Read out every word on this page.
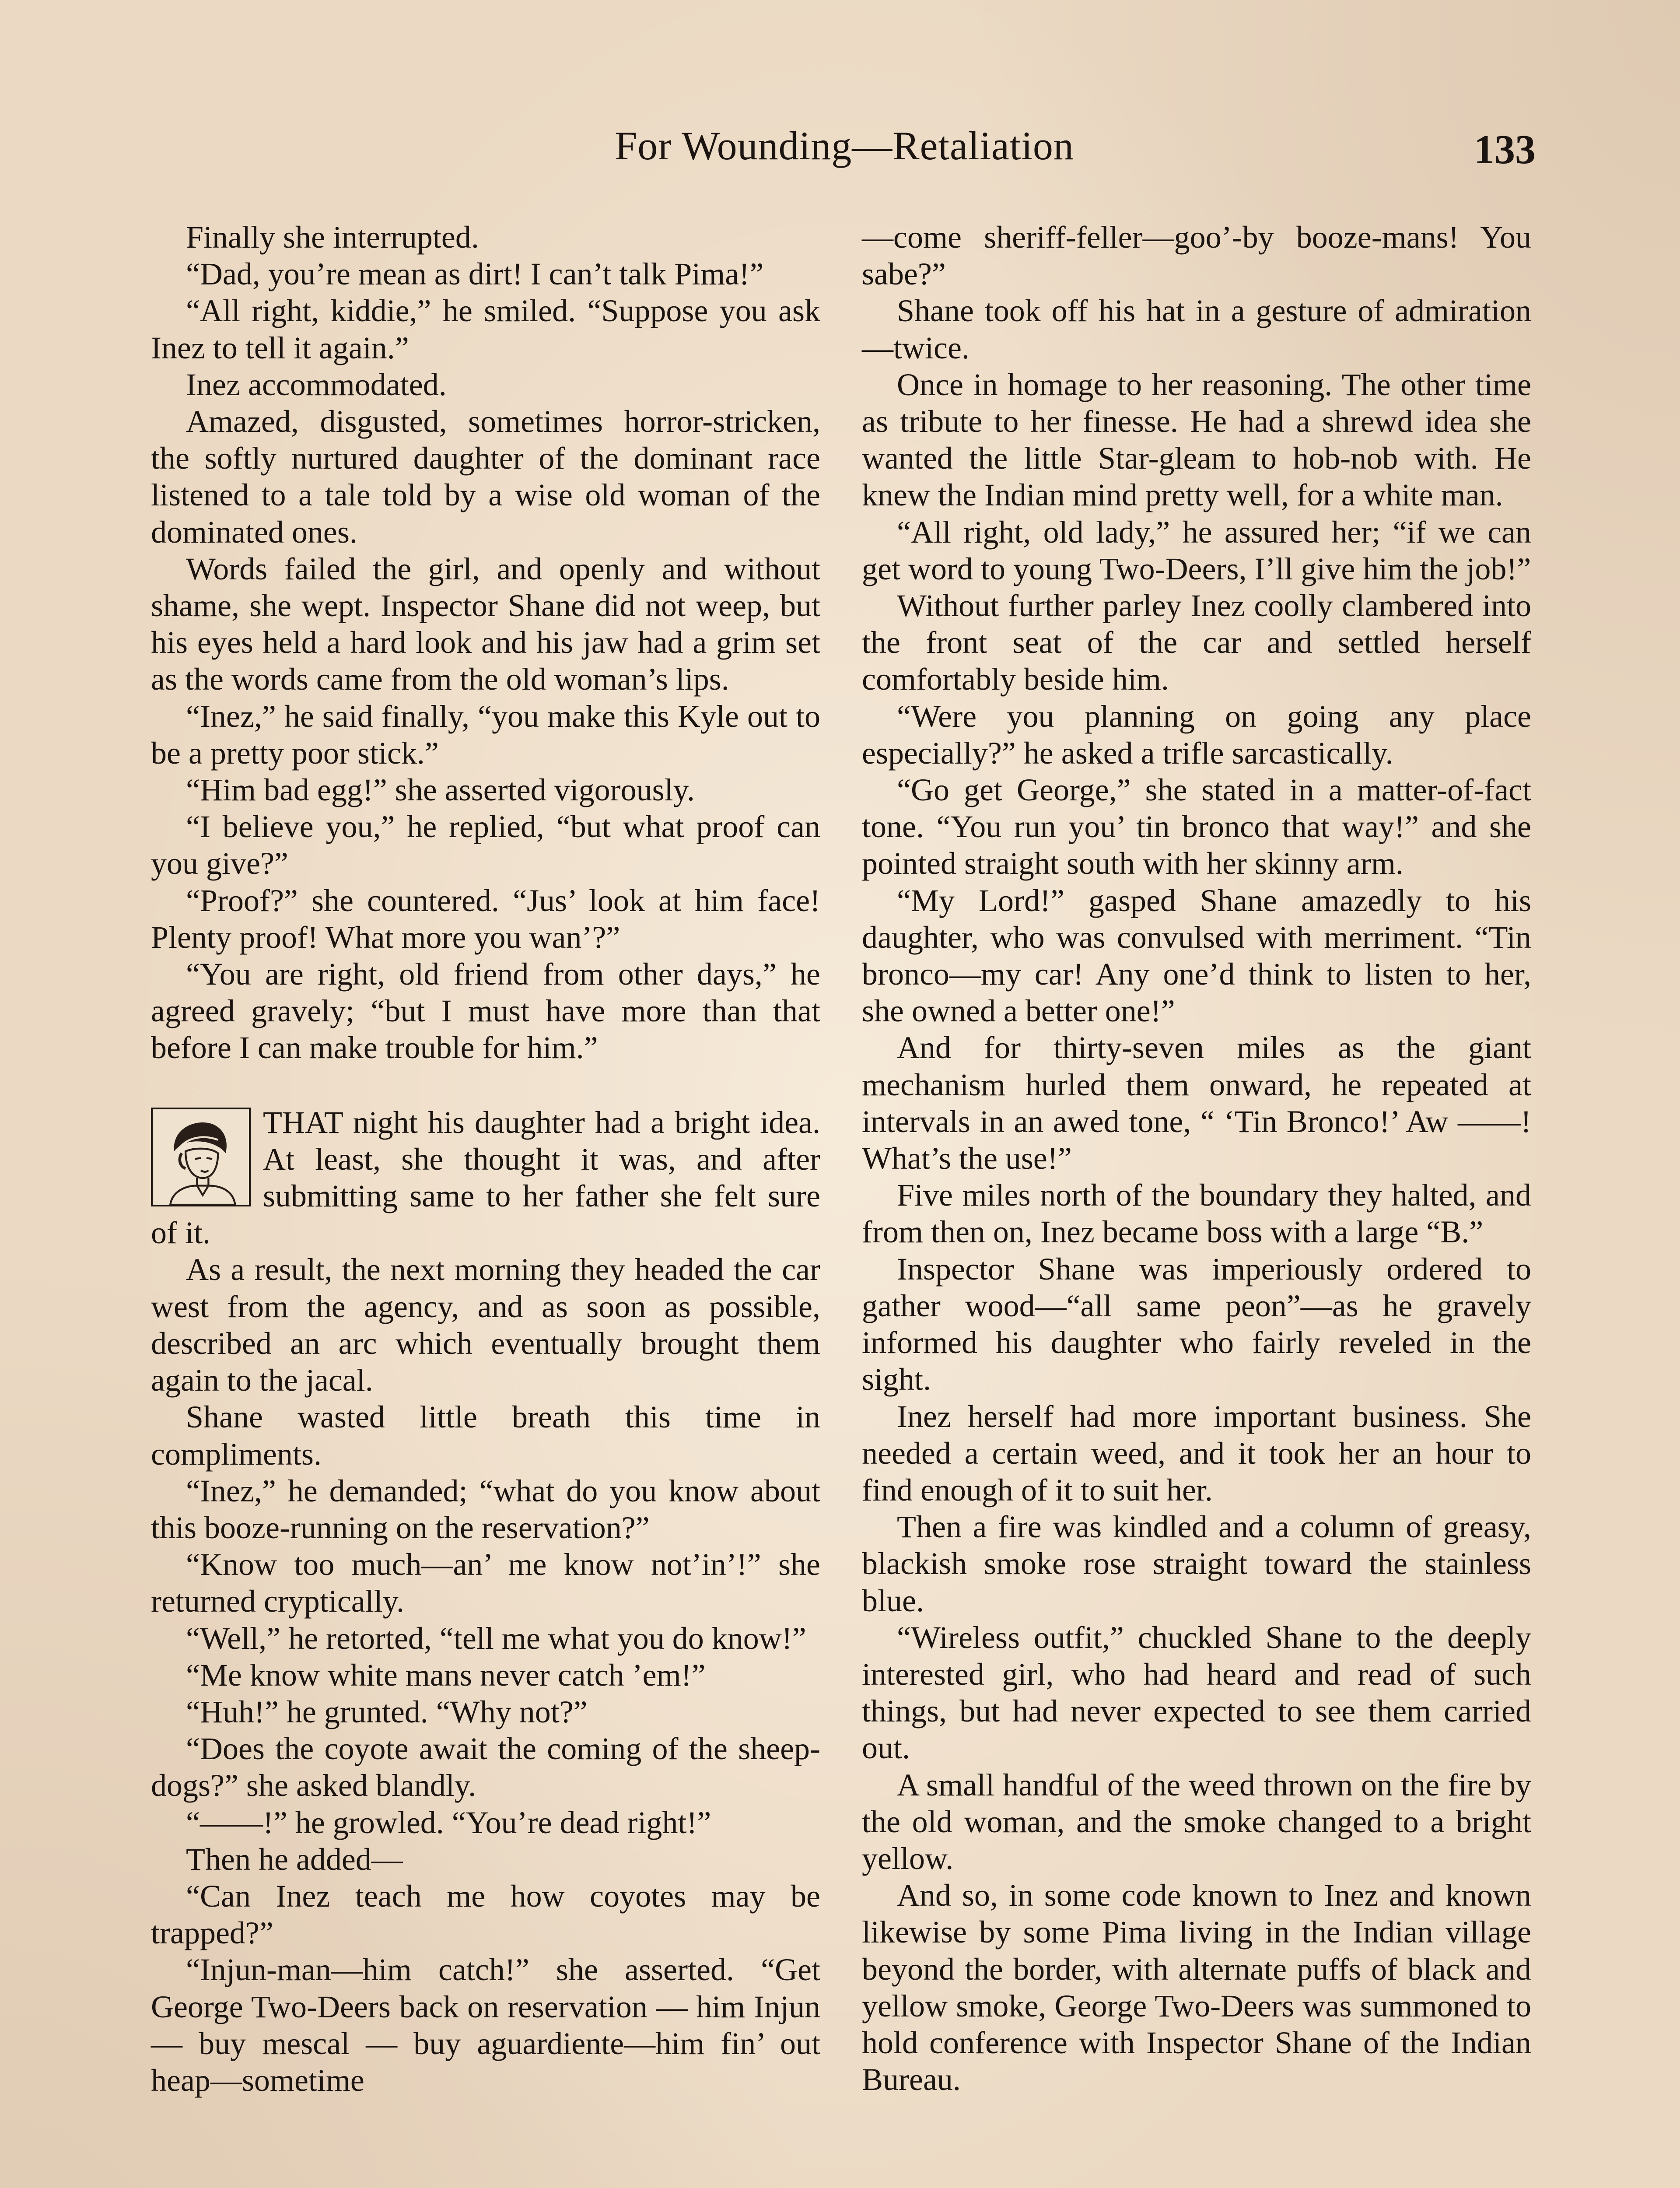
For Wounding—Retaliation	133

Finally she interrupted.

“Dad, you’re mean as dirt! I can’t talk Pima!”

“All right, kiddie,” he smiled. “Suppose you ask Inez to tell it again.”

Inez accommodated.

Amazed, disgusted, sometimes horror-stricken, the softly nurtured daughter of the dominant race listened to a tale told by a wise old woman of the dominated ones.

Words failed the girl, and openly and without shame, she wept. Inspector Shane did not weep, but his eyes held a hard look and his jaw had a grim set as the words came from the old woman’s lips.

“Inez,” he said finally, “you make this Kyle out to be a pretty poor stick.”

“Him bad egg!” she asserted vigorously.

“I believe you,” he replied, “but what proof can you give?”

“Proof?” she countered. “Jus’ look at him face! Plenty proof! What more you wan’?”

“You are right, old friend from other days,” he agreed gravely; “but I must have more than that before I can make trouble for him.”

THAT night his daughter had a bright idea. At least, she thought it was, and after submitting same to her father she felt sure of it.

As a result, the next morning they headed the car west from the agency, and as soon as possible, described an arc which eventually brought them again to the jacal.

Shane wasted little breath this time in compliments.

“Inez,” he demanded; “what do you know about this booze-running on the reservation?”

“Know too much—an’ me know not’in’!” she returned cryptically.

“Well,” he retorted, “tell me what you do know!”

“Me know white mans never catch ’em!”

“Huh!” he grunted. “Why not?”

“Does the coyote await the coming of the sheep-dogs?” she asked blandly.

“——!” he growled. “You’re dead right!”

Then he added—

“Can Inez teach me how coyotes may be trapped?”

“Injun-man—him catch!” she asserted. “Get George Two-Deers back on reservation — him Injun — buy mescal — buy aguardiente—him fin’ out heap—sometime

—come sheriff-feller—goo’-by booze-mans! You sabe?”

Shane took off his hat in a gesture of admiration—twice.

Once in homage to her reasoning. The other time as tribute to her finesse. He had a shrewd idea she wanted the little Star-gleam to hob-nob with. He knew the Indian mind pretty well, for a white man.

“All right, old lady,” he assured her; “if we can get word to young Two-Deers, I’ll give him the job!”

Without further parley Inez coolly clambered into the front seat of the car and settled herself comfortably beside him.

“Were you planning on going any place especially?” he asked a trifle sarcastically.

“Go get George,” she stated in a matter-of-fact tone. “You run you’ tin bronco that way!” and she pointed straight south with her skinny arm.

“My Lord!” gasped Shane amazedly to his daughter, who was convulsed with merriment. “Tin bronco—my car! Any one’d think to listen to her, she owned a better one!”

And for thirty-seven miles as the giant mechanism hurled them onward, he repeated at intervals in an awed tone, “ ‘Tin Bronco!’ Aw ——! What’s the use!”

Five miles north of the boundary they halted, and from then on, Inez became boss with a large “B.”

Inspector Shane was imperiously ordered to gather wood—“all same peon”—as he gravely informed his daughter who fairly reveled in the sight.

Inez herself had more important business. She needed a certain weed, and it took her an hour to find enough of it to suit her.

Then a fire was kindled and a column of greasy, blackish smoke rose straight toward the stainless blue.

“Wireless outfit,” chuckled Shane to the deeply interested girl, who had heard and read of such things, but had never expected to see them carried out.

A small handful of the weed thrown on the fire by the old woman, and the smoke changed to a bright yellow.

And so, in some code known to Inez and known likewise by some Pima living in the Indian village beyond the border, with alternate puffs of black and yellow smoke, George Two-Deers was summoned to hold conference with Inspector Shane of the Indian Bureau.
